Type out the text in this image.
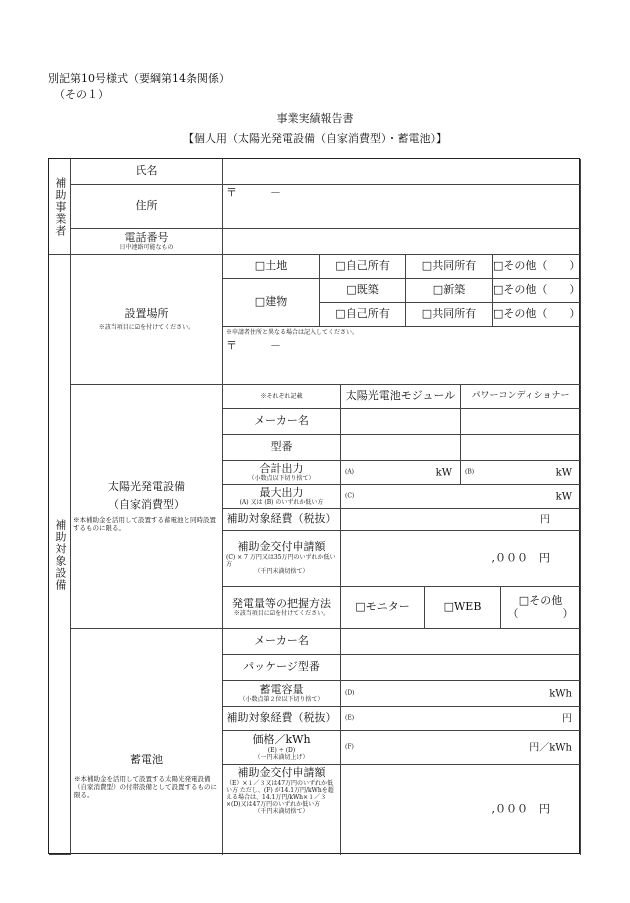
別記第10号様式（要綱第14条関係）
（その１）
事業実績報告書
【個人用（太陽光発電設備（自家消費型）・蓄電池）】
補助事業者
氏名
住所
〒　　　－
電話番号
日中連絡可能なもの
補助対象設備
設置場所
※該当項目に☑を付けてください。
□土地	□自己所有	□共同所有	□その他（　　）
□建物
□既築	□新築	□その他（　　）
□自己所有	□共同所有	□その他（　　）
※申請者住所と異なる場合は記入してください。
〒　　　－
太陽光発電設備
（自家消費型）
※本補助金を活用して設置する蓄電池と同時設置するものに限る。
※それぞれ記載	太陽光電池モジュール	パワーコンディショナー
メーカー名
型番
合計出力
（小数点以下切り捨て）
(A)	kW (B)	kW
最大出力
(A) 又は (B) のいずれか低い方
(C)	kW
補助対象経費（税抜）	円
補助金交付申請額
(C) × 7 万円又は35万円のいずれか低い方
（千円未満切捨て）
,０００　円
発電量等の把握方法
※該当項目に☑を付けてください。
□モニター	□WEB	□その他
（　　　　）
蓄電池
※本補助金を活用して設置する太陽光発電設備（自家消費型）の付帯設備として設置するものに限る。
メーカー名
パッケージ型番
蓄電容量
（小数点第２位以下切り捨て）
(D)	kWh
補助対象経費（税抜）	(E)	円
価格／kWh
(E) ÷ (D)
（一円未満切上げ）
(F)	円／kWh
補助金交付申請額
（E）×１／３又は47万円のいずれか低い方 ただし、(F) が14.1万円/kWhを超える場合は、14.1万円/kWh×１／３×(D)又は47万円のいずれか低い方
（千円未満切捨て）	,０００　円
